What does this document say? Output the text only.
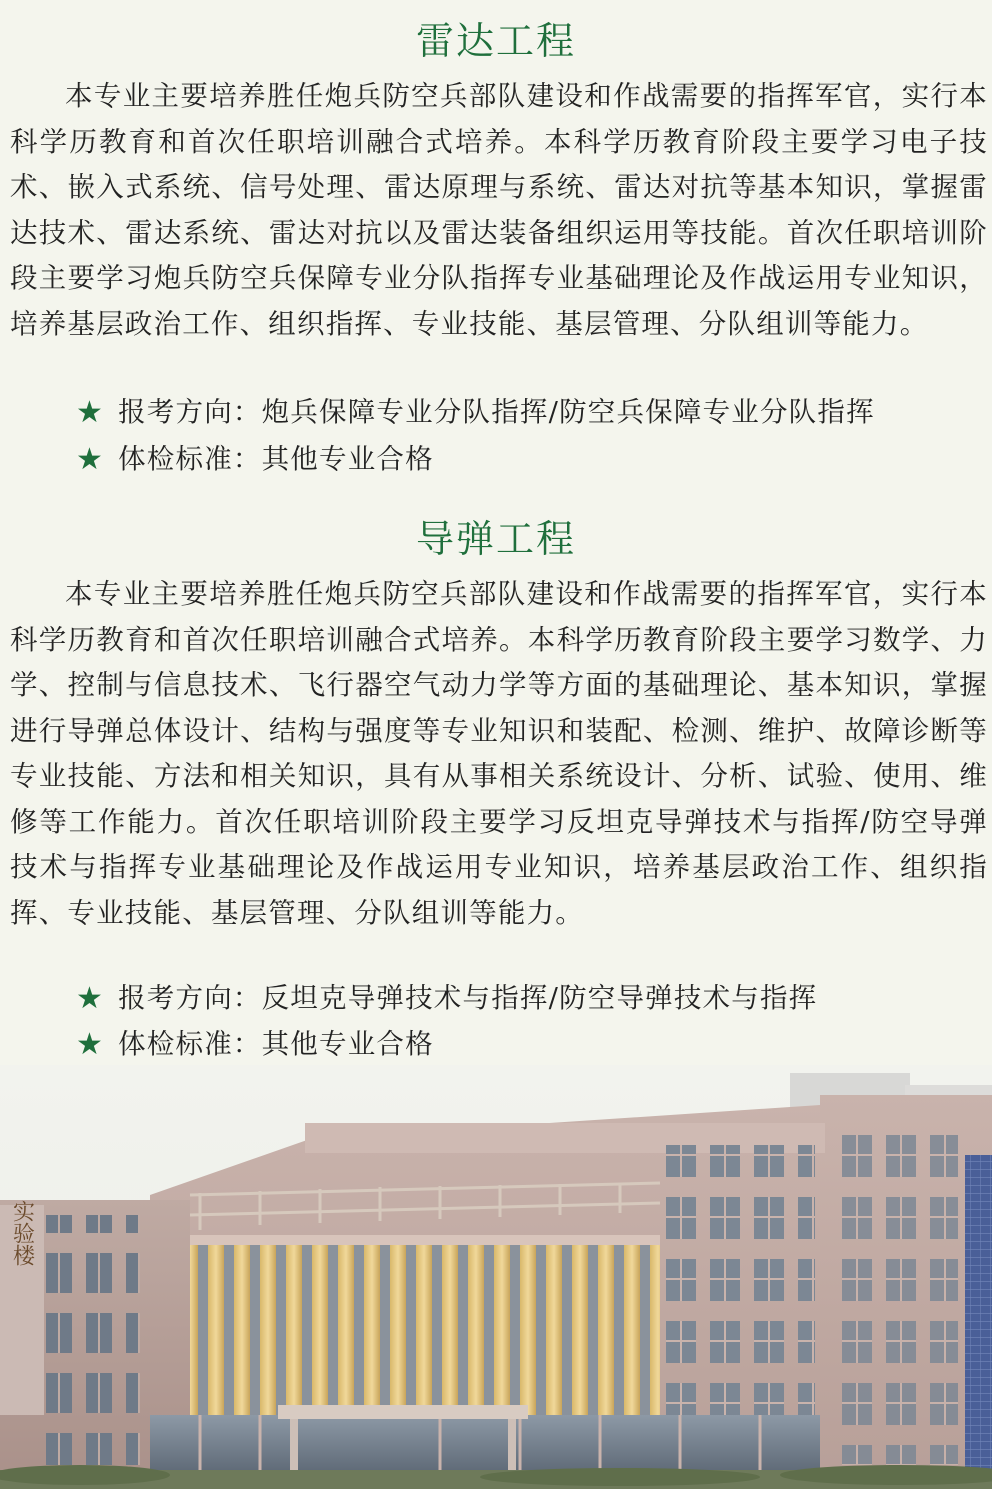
雷达工程
本专业主要培养胜任炮兵防空兵部队建设和作战需要的指挥军官，实行本科学历教育和首次任职培训融合式培养。本科学历教育阶段主要学习电子技术、嵌入式系统、信号处理、雷达原理与系统、雷达对抗等基本知识，掌握雷达技术、雷达系统、雷达对抗以及雷达装备组织运用等技能。首次任职培训阶段主要学习炮兵防空兵保障专业分队指挥专业基础理论及作战运用专业知识，培养基层政治工作、组织指挥、专业技能、基层管理、分队组训等能力。
★ 报考方向：炮兵保障专业分队指挥/防空兵保障专业分队指挥
★ 体检标准：其他专业合格
导弹工程
本专业主要培养胜任炮兵防空兵部队建设和作战需要的指挥军官，实行本科学历教育和首次任职培训融合式培养。本科学历教育阶段主要学习数学、力学、控制与信息技术、飞行器空气动力学等方面的基础理论、基本知识，掌握进行导弹总体设计、结构与强度等专业知识和装配、检测、维护、故障诊断等专业技能、方法和相关知识，具有从事相关系统设计、分析、试验、使用、维修等工作能力。首次任职培训阶段主要学习反坦克导弹技术与指挥/防空导弹技术与指挥专业基础理论及作战运用专业知识，培养基层政治工作、组织指挥、专业技能、基层管理、分队组训等能力。
★ 报考方向：反坦克导弹技术与指挥/防空导弹技术与指挥
★ 体检标准：其他专业合格
实验楼
